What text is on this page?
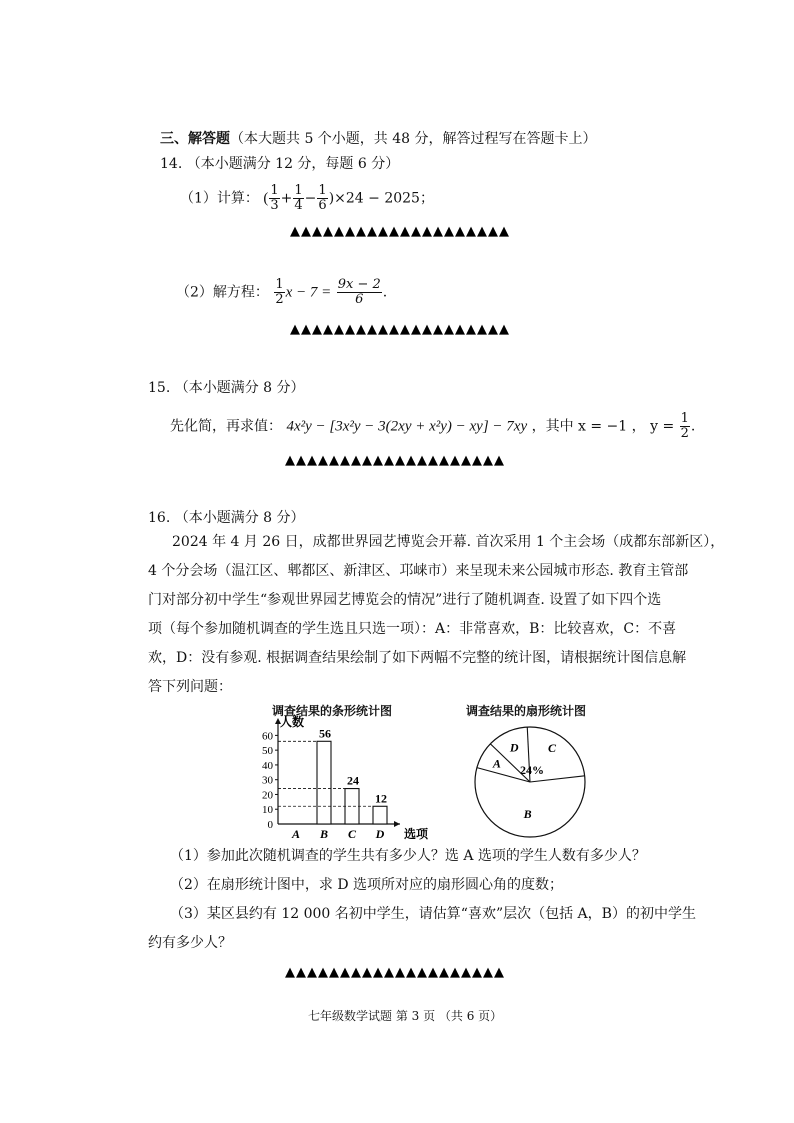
三、解答题（本大题共 5 个小题，共 48 分，解答过程写在答题卡上）
14. （本小题满分 12 分，每题 6 分）
（1）计算： ( $\frac{1}{3} + \frac{1}{4} - \frac{1}{6} )\times 24 - 2025$；
▲▲▲▲▲▲▲▲▲▲▲▲▲▲▲▲▲▲▲▲
（2）解方程： $\frac{1}{2}$ $x - 7 = \frac{9x - 2}{6}$ .
▲▲▲▲▲▲▲▲▲▲▲▲▲▲▲▲▲▲▲▲
15. （本小题满分 8 分）
先化简，再求值： 4x²y − [3x²y − 3(2xy + x²y) − xy] − 7xy ，其中 x = −1 ， $y = \frac{1}{2}$ .
▲▲▲▲▲▲▲▲▲▲▲▲▲▲▲▲▲▲▲▲
16. （本小题满分 8 分）
2024 年 4 月 26 日，成都世界园艺博览会开幕. 首次采用 1 个主会场（成都东部新区），
4 个分会场（温江区、郫都区、新津区、邛崃市）来呈现未来公园城市形态. 教育主管部
门对部分初中学生“参观世界园艺博览会的情况”进行了随机调查. 设置了如下四个选
项（每个参加随机调查的学生选且只选一项）：A：非常喜欢，B：比较喜欢，C：不喜
欢，D：没有参观. 根据调查结果绘制了如下两幅不完整的统计图，请根据统计图信息解
答下列问题：
调查结果的条形统计图
人数
选项
0
10
20
30
40
50
60
A B
56
C
24
D
12
调查结果的扇形统计图
C
24%
B
A
D
（1）参加此次随机调查的学生共有多少人？选 A 选项的学生人数有多少人？
（2）在扇形统计图中，求 D 选项所对应的扇形圆心角的度数；
（3）某区县约有 12 000 名初中学生，请估算“喜欢”层次（包括 A，B）的初中学生
约有多少人？
▲▲▲▲▲▲▲▲▲▲▲▲▲▲▲▲▲▲▲▲
七年级数学试题 第 3 页 （共 6 页）
